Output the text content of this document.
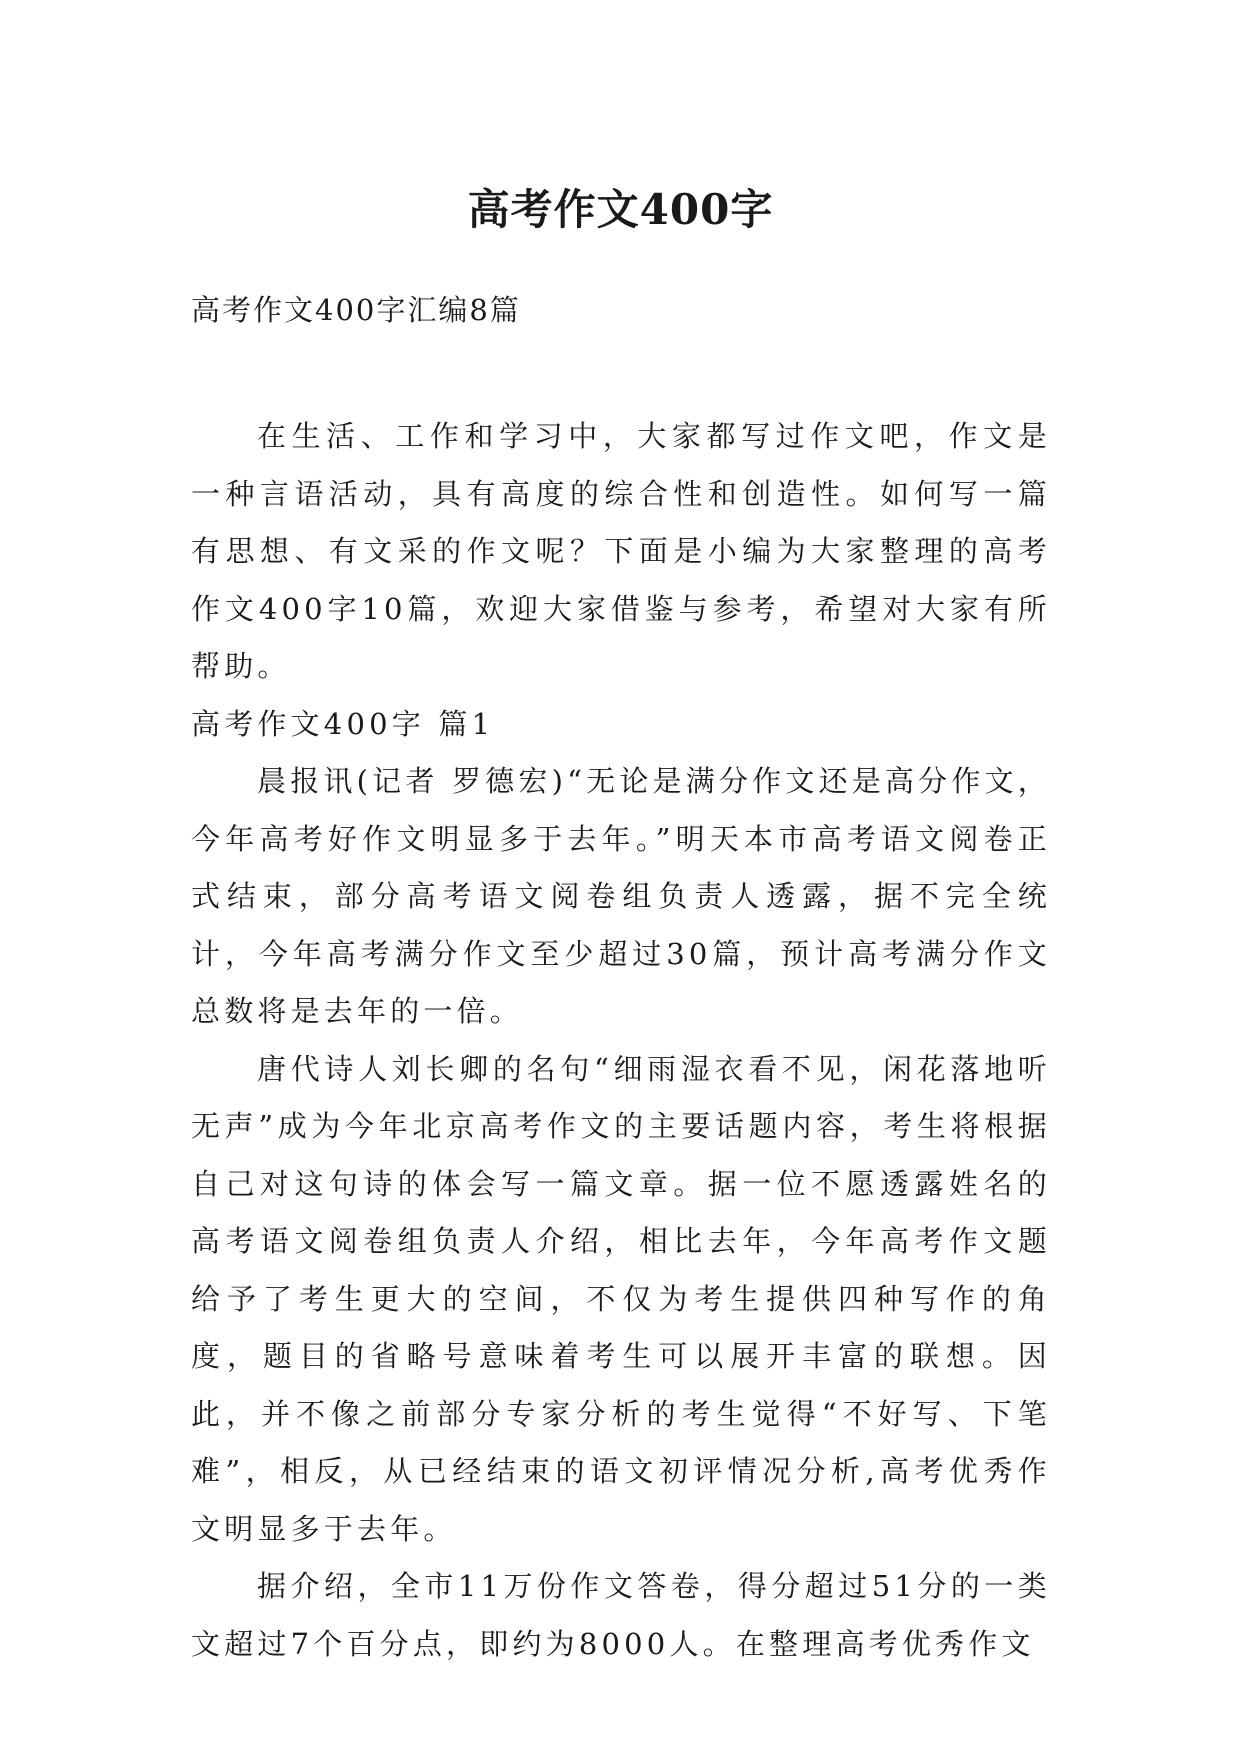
高考作文400字
高考作文400字汇编8篇

在生活、工作和学习中，大家都写过作文吧，作文是一种言语活动，具有高度的综合性和创造性。如何写一篇有思想、有文采的作文呢？下面是小编为大家整理的高考作文400字10篇，欢迎大家借鉴与参考，希望对大家有所帮助。

高考作文400字 篇1

晨报讯(记者 罗德宏)“无论是满分作文还是高分作文，今年高考好作文明显多于去年。”明天本市高考语文阅卷正式结束，部分高考语文阅卷组负责人透露，据不完全统计，今年高考满分作文至少超过30篇，预计高考满分作文总数将是去年的一倍。

唐代诗人刘长卿的名句“细雨湿衣看不见，闲花落地听无声”成为今年北京高考作文的主要话题内容，考生将根据自己对这句诗的体会写一篇文章。据一位不愿透露姓名的高考语文阅卷组负责人介绍，相比去年，今年高考作文题给予了考生更大的空间，不仅为考生提供四种写作的角度，题目的省略号意味着考生可以展开丰富的联想。因此，并不像之前部分专家分析的考生觉得“不好写、下笔难”，相反，从已经结束的语文初评情况分析,高考优秀作文明显多于去年。

据介绍，全市11万份作文答卷，得分超过51分的一类文超过7个百分点，即约为8000人。在整理高考优秀作文
